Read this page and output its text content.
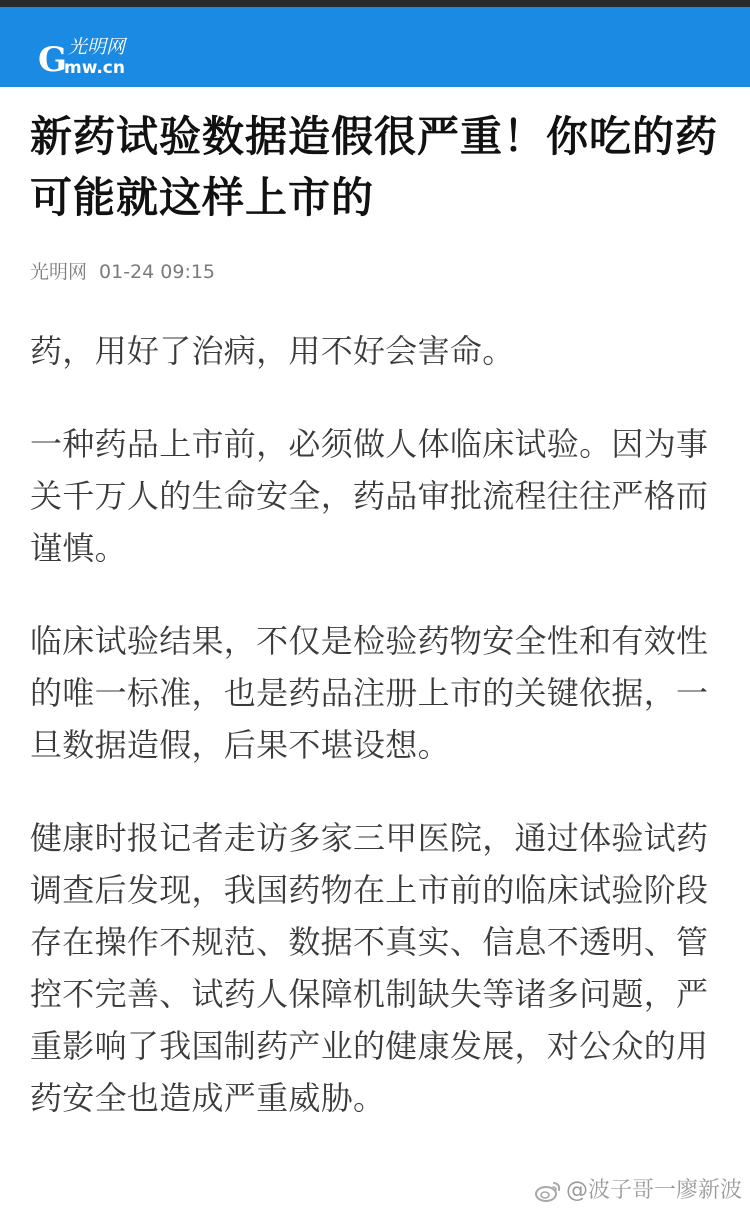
G 光明网
mw.cn
新药试验数据造假很严重！你吃的药可能就这样上市的
光明网 01-24 09:15

药，用好了治病，用不好会害命。

一种药品上市前，必须做人体临床试验。因为事关千万人的生命安全，药品审批流程往往严格而谨慎。

临床试验结果，不仅是检验药物安全性和有效性的唯一标准，也是药品注册上市的关键依据，一旦数据造假，后果不堪设想。

健康时报记者走访多家三甲医院，通过体验试药调查后发现，我国药物在上市前的临床试验阶段存在操作不规范、数据不真实、信息不透明、管控不完善、试药人保障机制缺失等诸多问题，严重影响了我国制药产业的健康发展，对公众的用药安全也造成严重威胁。

@波子哥一廖新波
